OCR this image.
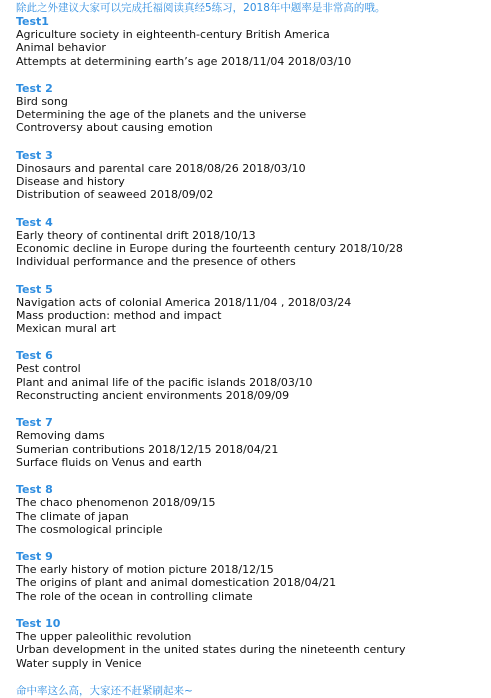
除此之外建议大家可以完成托福阅读真经5练习，2018年中题率是非常高的哦。
Test1
Agriculture society in eighteenth-century British America
Animal behavior
Attempts at determining earth’s age 2018/11/04 2018/03/10
Test 2
Bird song
Determining the age of the planets and the universe
Controversy about causing emotion
Test 3
Dinosaurs and parental care 2018/08/26 2018/03/10
Disease and history
Distribution of seaweed 2018/09/02
Test 4
Early theory of continental drift 2018/10/13
Economic decline in Europe during the fourteenth century 2018/10/28
Individual performance and the presence of others
Test 5
Navigation acts of colonial America 2018/11/04 , 2018/03/24
Mass production: method and impact
Mexican mural art
Test 6
Pest control
Plant and animal life of the pacific islands 2018/03/10
Reconstructing ancient environments 2018/09/09
Test 7
Removing dams
Sumerian contributions 2018/12/15 2018/04/21
Surface fluids on Venus and earth
Test 8
The chaco phenomenon 2018/09/15
The climate of japan
The cosmological principle
Test 9
The early history of motion picture 2018/12/15
The origins of plant and animal domestication 2018/04/21
The role of the ocean in controlling climate
Test 10
The upper paleolithic revolution
Urban development in the united states during the nineteenth century
Water supply in Venice
命中率这么高，大家还不赶紧刷起来~
